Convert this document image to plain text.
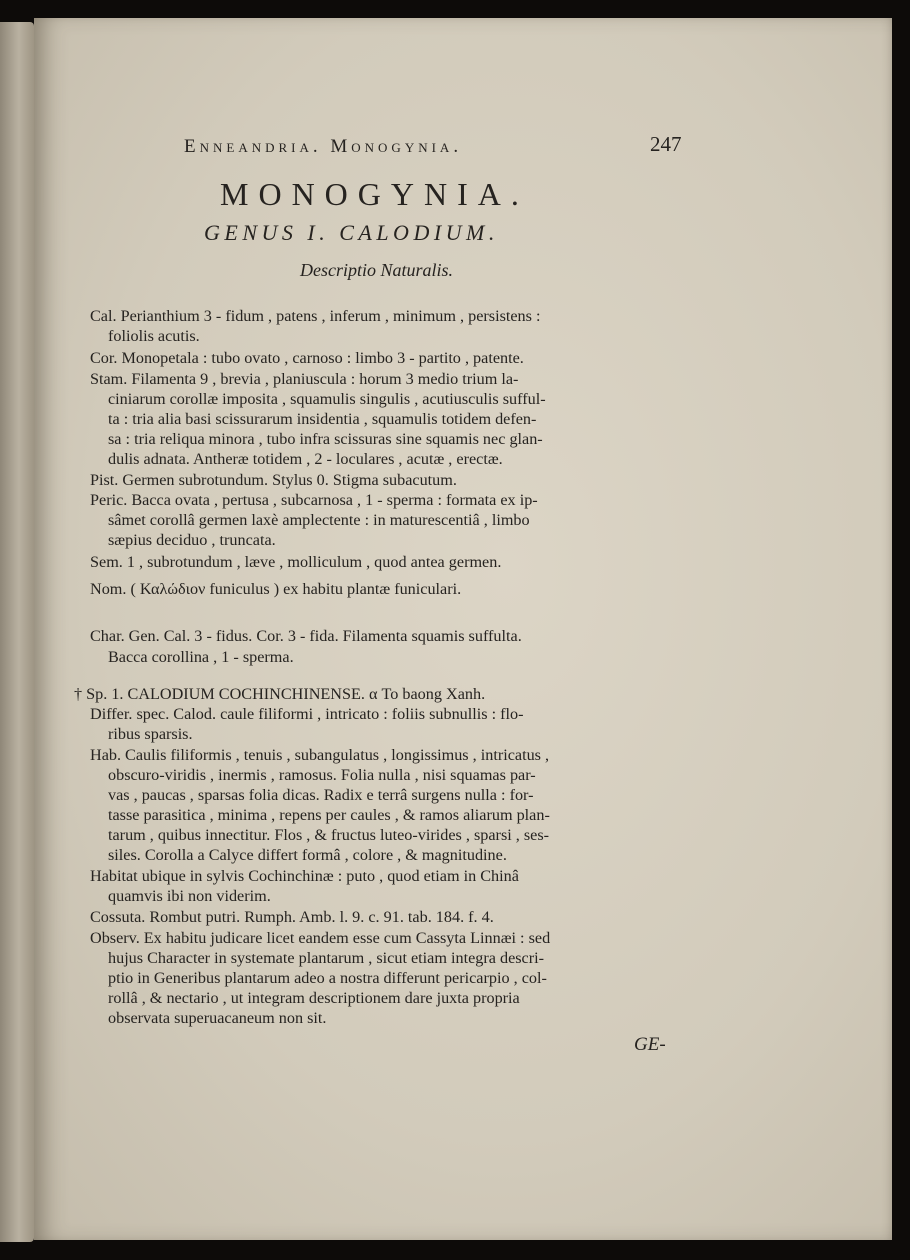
Enneandria. Monogynia.	247
MONOGYNIA.
GENUS I. CALODIUM.
Descriptio Naturalis.
Cal. Perianthium 3 - fidum , patens , inferum , minimum , persistens :
foliolis acutis.
Cor. Monopetala : tubo ovato , carnoso : limbo 3 - partito , patente.
Stam. Filamenta 9 , brevia , planiuscula : horum 3 medio trium la-
ciniarum corollæ imposita , squamulis singulis , acutiusculis sufful-
ta : tria alia basi scissurarum insidentia , squamulis totidem defen-
sa : tria reliqua minora , tubo infra scissuras sine squamis nec glan-
dulis adnata. Antheræ totidem , 2 - loculares , acutæ , erectæ.
Pist. Germen subrotundum. Stylus 0. Stigma subacutum.
Peric. Bacca ovata , pertusa , subcarnosa , 1 - sperma : formata ex ip-
sâmet corollâ germen laxè amplectente : in maturescentiâ , limbo
sæpius deciduo , truncata.
Sem. 1 , subrotundum , læve , molliculum , quod antea germen.
Nom. ( Καλώδιον funiculus ) ex habitu plantæ funiculari.
Char. Gen. Cal. 3 - fidus. Cor. 3 - fida. Filamenta squamis suffulta.
Bacca corollina , 1 - sperma.
† Sp. 1. CALODIUM COCHINCHINENSE. α To baong Xanh.
Differ. spec. Calod. caule filiformi , intricato : foliis subnullis : flo-
ribus sparsis.
Hab. Caulis filiformis , tenuis , subangulatus , longissimus , intricatus ,
obscuro-viridis , inermis , ramosus. Folia nulla , nisi squamas par-
vas , paucas , sparsas folia dicas. Radix e terrâ surgens nulla : for-
tasse parasitica , minima , repens per caules , & ramos aliarum plan-
tarum , quibus innectitur. Flos , & fructus luteo-virides , sparsi , ses-
siles. Corolla a Calyce differt formâ , colore , & magnitudine.
Habitat ubique in sylvis Cochinchinæ : puto , quod etiam in Chinâ
quamvis ibi non viderim.
Cossuta. Rombut putri. Rumph. Amb. l. 9. c. 91. tab. 184. f. 4.
Observ. Ex habitu judicare licet eandem esse cum Cassyta Linnæi : sed
hujus Character in systemate plantarum , sicut etiam integra descri-
ptio in Generibus plantarum adeo a nostra differunt pericarpio , col-
rollâ , & nectario , ut integram descriptionem dare juxta propria
observata superuacaneum non sit.
GE-
